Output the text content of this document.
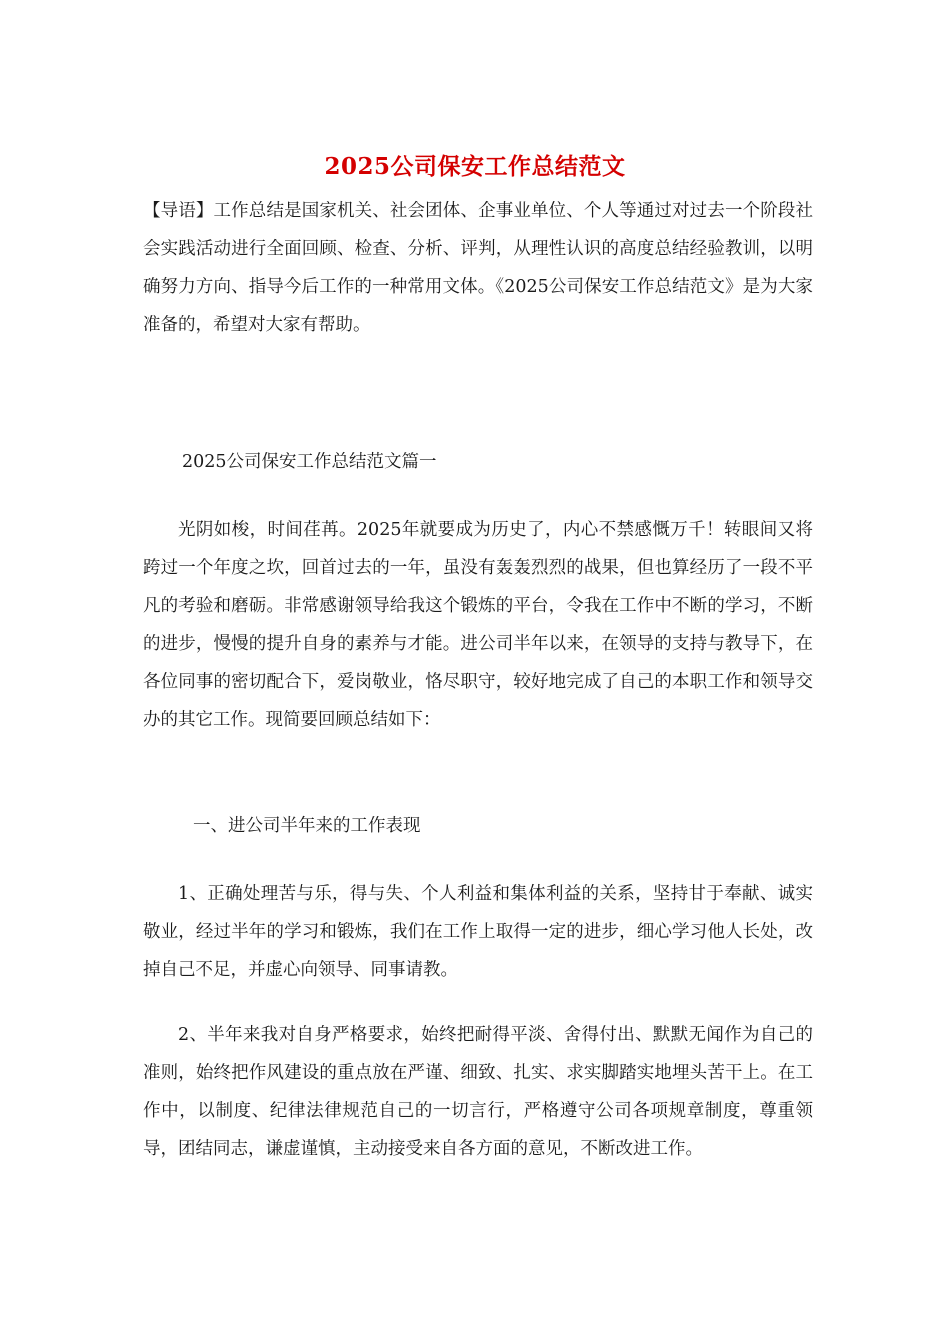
2025公司保安工作总结范文
【导语】工作总结是国家机关、社会团体、企事业单位、个人等通过对过去一个阶段社会实践活动进行全面回顾、检查、分析、评判，从理性认识的高度总结经验教训，以明确努力方向、指导今后工作的一种常用文体。《2025公司保安工作总结范文》是为大家准备的，希望对大家有帮助。
2025公司保安工作总结范文篇一
光阴如梭，时间荏苒。2025年就要成为历史了，内心不禁感慨万千！转眼间又将跨过一个年度之坎，回首过去的一年，虽没有轰轰烈烈的战果，但也算经历了一段不平凡的考验和磨砺。非常感谢领导给我这个锻炼的平台，令我在工作中不断的学习，不断的进步，慢慢的提升自身的素养与才能。进公司半年以来，在领导的支持与教导下，在各位同事的密切配合下，爱岗敬业，恪尽职守，较好地完成了自己的本职工作和领导交办的其它工作。现简要回顾总结如下：
一、进公司半年来的工作表现
1、正确处理苦与乐，得与失、个人利益和集体利益的关系，坚持甘于奉献、诚实敬业，经过半年的学习和锻炼，我们在工作上取得一定的进步，细心学习他人长处，改掉自己不足，并虚心向领导、同事请教。
2、半年来我对自身严格要求，始终把耐得平淡、舍得付出、默默无闻作为自己的准则，始终把作风建设的重点放在严谨、细致、扎实、求实脚踏实地埋头苦干上。在工作中，以制度、纪律法律规范自己的一切言行，严格遵守公司各项规章制度，尊重领导，团结同志，谦虚谨慎，主动接受来自各方面的意见，不断改进工作。
